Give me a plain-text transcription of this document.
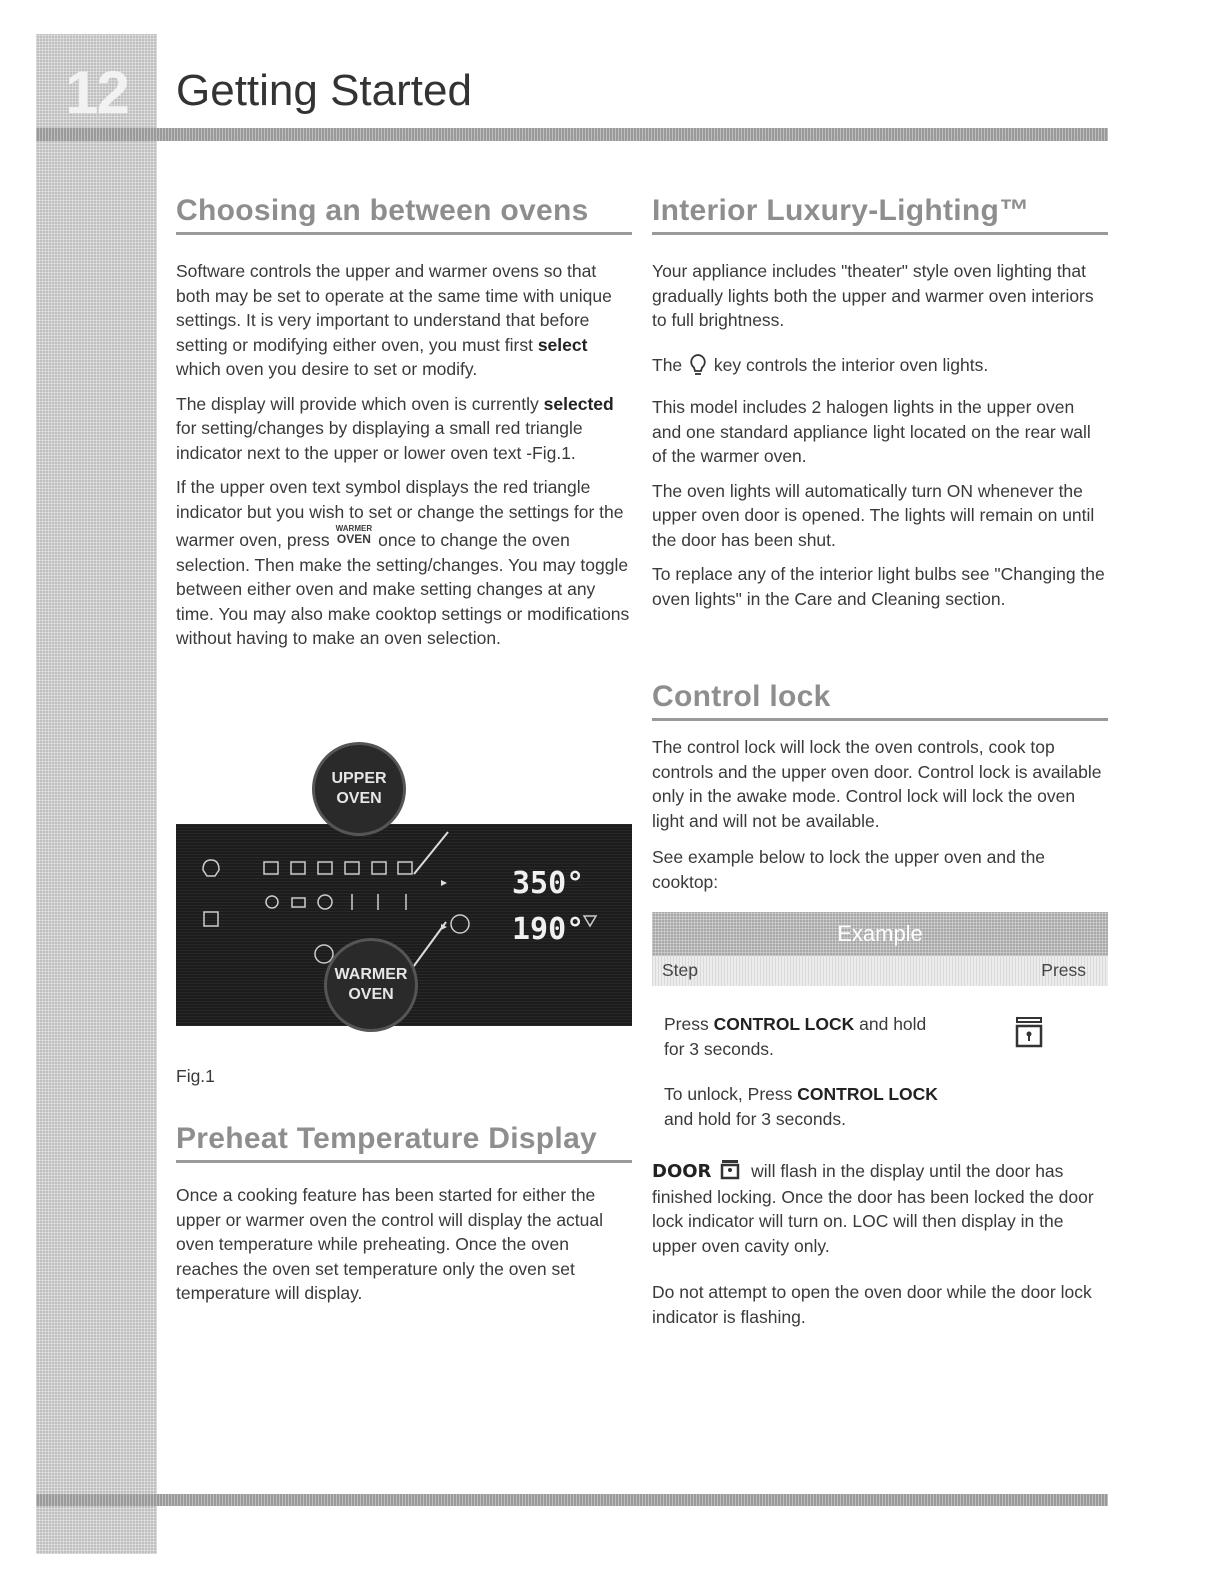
12	Getting Started
Choosing an between ovens

Software controls the upper and warmer ovens so that both may be set to operate at the same time with unique settings. It is very important to understand that before setting or modifying either oven, you must first select which oven you desire to set or modify.

The display will provide which oven is currently selected for setting/changes by displaying a small red triangle indicator next to the upper or lower oven text -Fig.1.

If the upper oven text symbol displays the red triangle indicator but you wish to set or change the settings for the warmer oven, press
WARMER
OVEN once to change the oven selection. Then make the setting/changes. You may toggle between either oven and make setting changes at any time. You may also make cooktop settings or modifications without having to make an oven selection.

350°
190°
UPPER OVEN
WARMER OVEN
Fig.1
Preheat Temperature Display

Once a cooking feature has been started for either the upper or warmer oven the control will display the actual oven temperature while preheating. Once the oven reaches the oven set temperature only the oven set temperature will display.

Interior Luxury-Lighting™

Your appliance includes "theater" style oven lighting that gradually lights both the upper and warmer oven interiors to full brightness.

The key controls the interior oven lights.

This model includes 2 halogen lights in the upper oven and one standard appliance light located on the rear wall of the warmer oven.

The oven lights will automatically turn ON whenever the upper oven door is opened. The lights will remain on until the door has been shut.

To replace any of the interior light bulbs see "Changing the oven lights" in the Care and Cleaning section.

Control lock

The control lock will lock the oven controls, cook top controls and the upper oven door. Control lock is available only in the awake mode. Control lock will lock the oven light and will not be available.

See example below to lock the upper oven and the cooktop:

Example
Step	Press

Press CONTROL LOCK and hold for 3 seconds.

To unlock, Press CONTROL LOCK and hold for 3 seconds.

DOOR will flash in the display until the door has finished locking. Once the door has been locked the door lock indicator will turn on. LOC will then display in the upper oven cavity only.

Do not attempt to open the oven door while the door lock indicator is flashing.
